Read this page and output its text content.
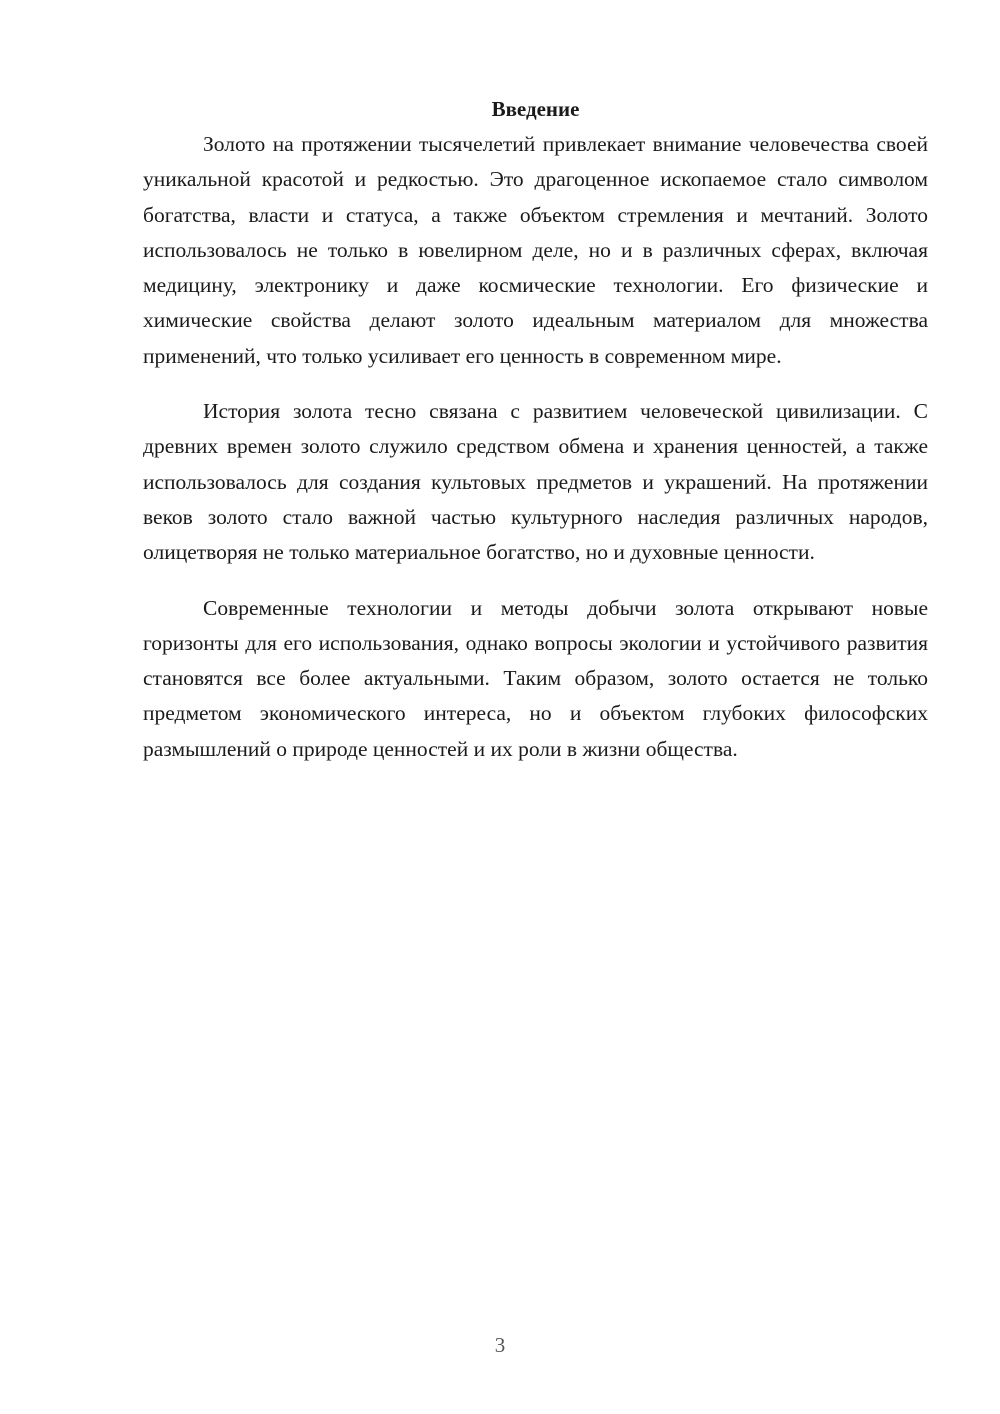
Введение

Золото на протяжении тысячелетий привлекает внимание человечества своей уникальной красотой и редкостью. Это драгоценное ископаемое стало символом богатства, власти и статуса, а также объектом стремления и мечтаний. Золото использовалось не только в ювелирном деле, но и в различных сферах, включая медицину, электронику и даже космические технологии. Его физические и химические свойства делают золото идеальным материалом для множества применений, что только усиливает его ценность в современном мире.

История золота тесно связана с развитием человеческой цивилизации. С древних времен золото служило средством обмена и хранения ценностей, а также использовалось для создания культовых предметов и украшений. На протяжении веков золото стало важной частью культурного наследия различных народов, олицетворяя не только материальное богатство, но и духовные ценности.

Современные технологии и методы добычи золота открывают новые горизонты для его использования, однако вопросы экологии и устойчивого развития становятся все более актуальными. Таким образом, золото остается не только предметом экономического интереса, но и объектом глубоких философских размышлений о природе ценностей и их роли в жизни общества.

3
